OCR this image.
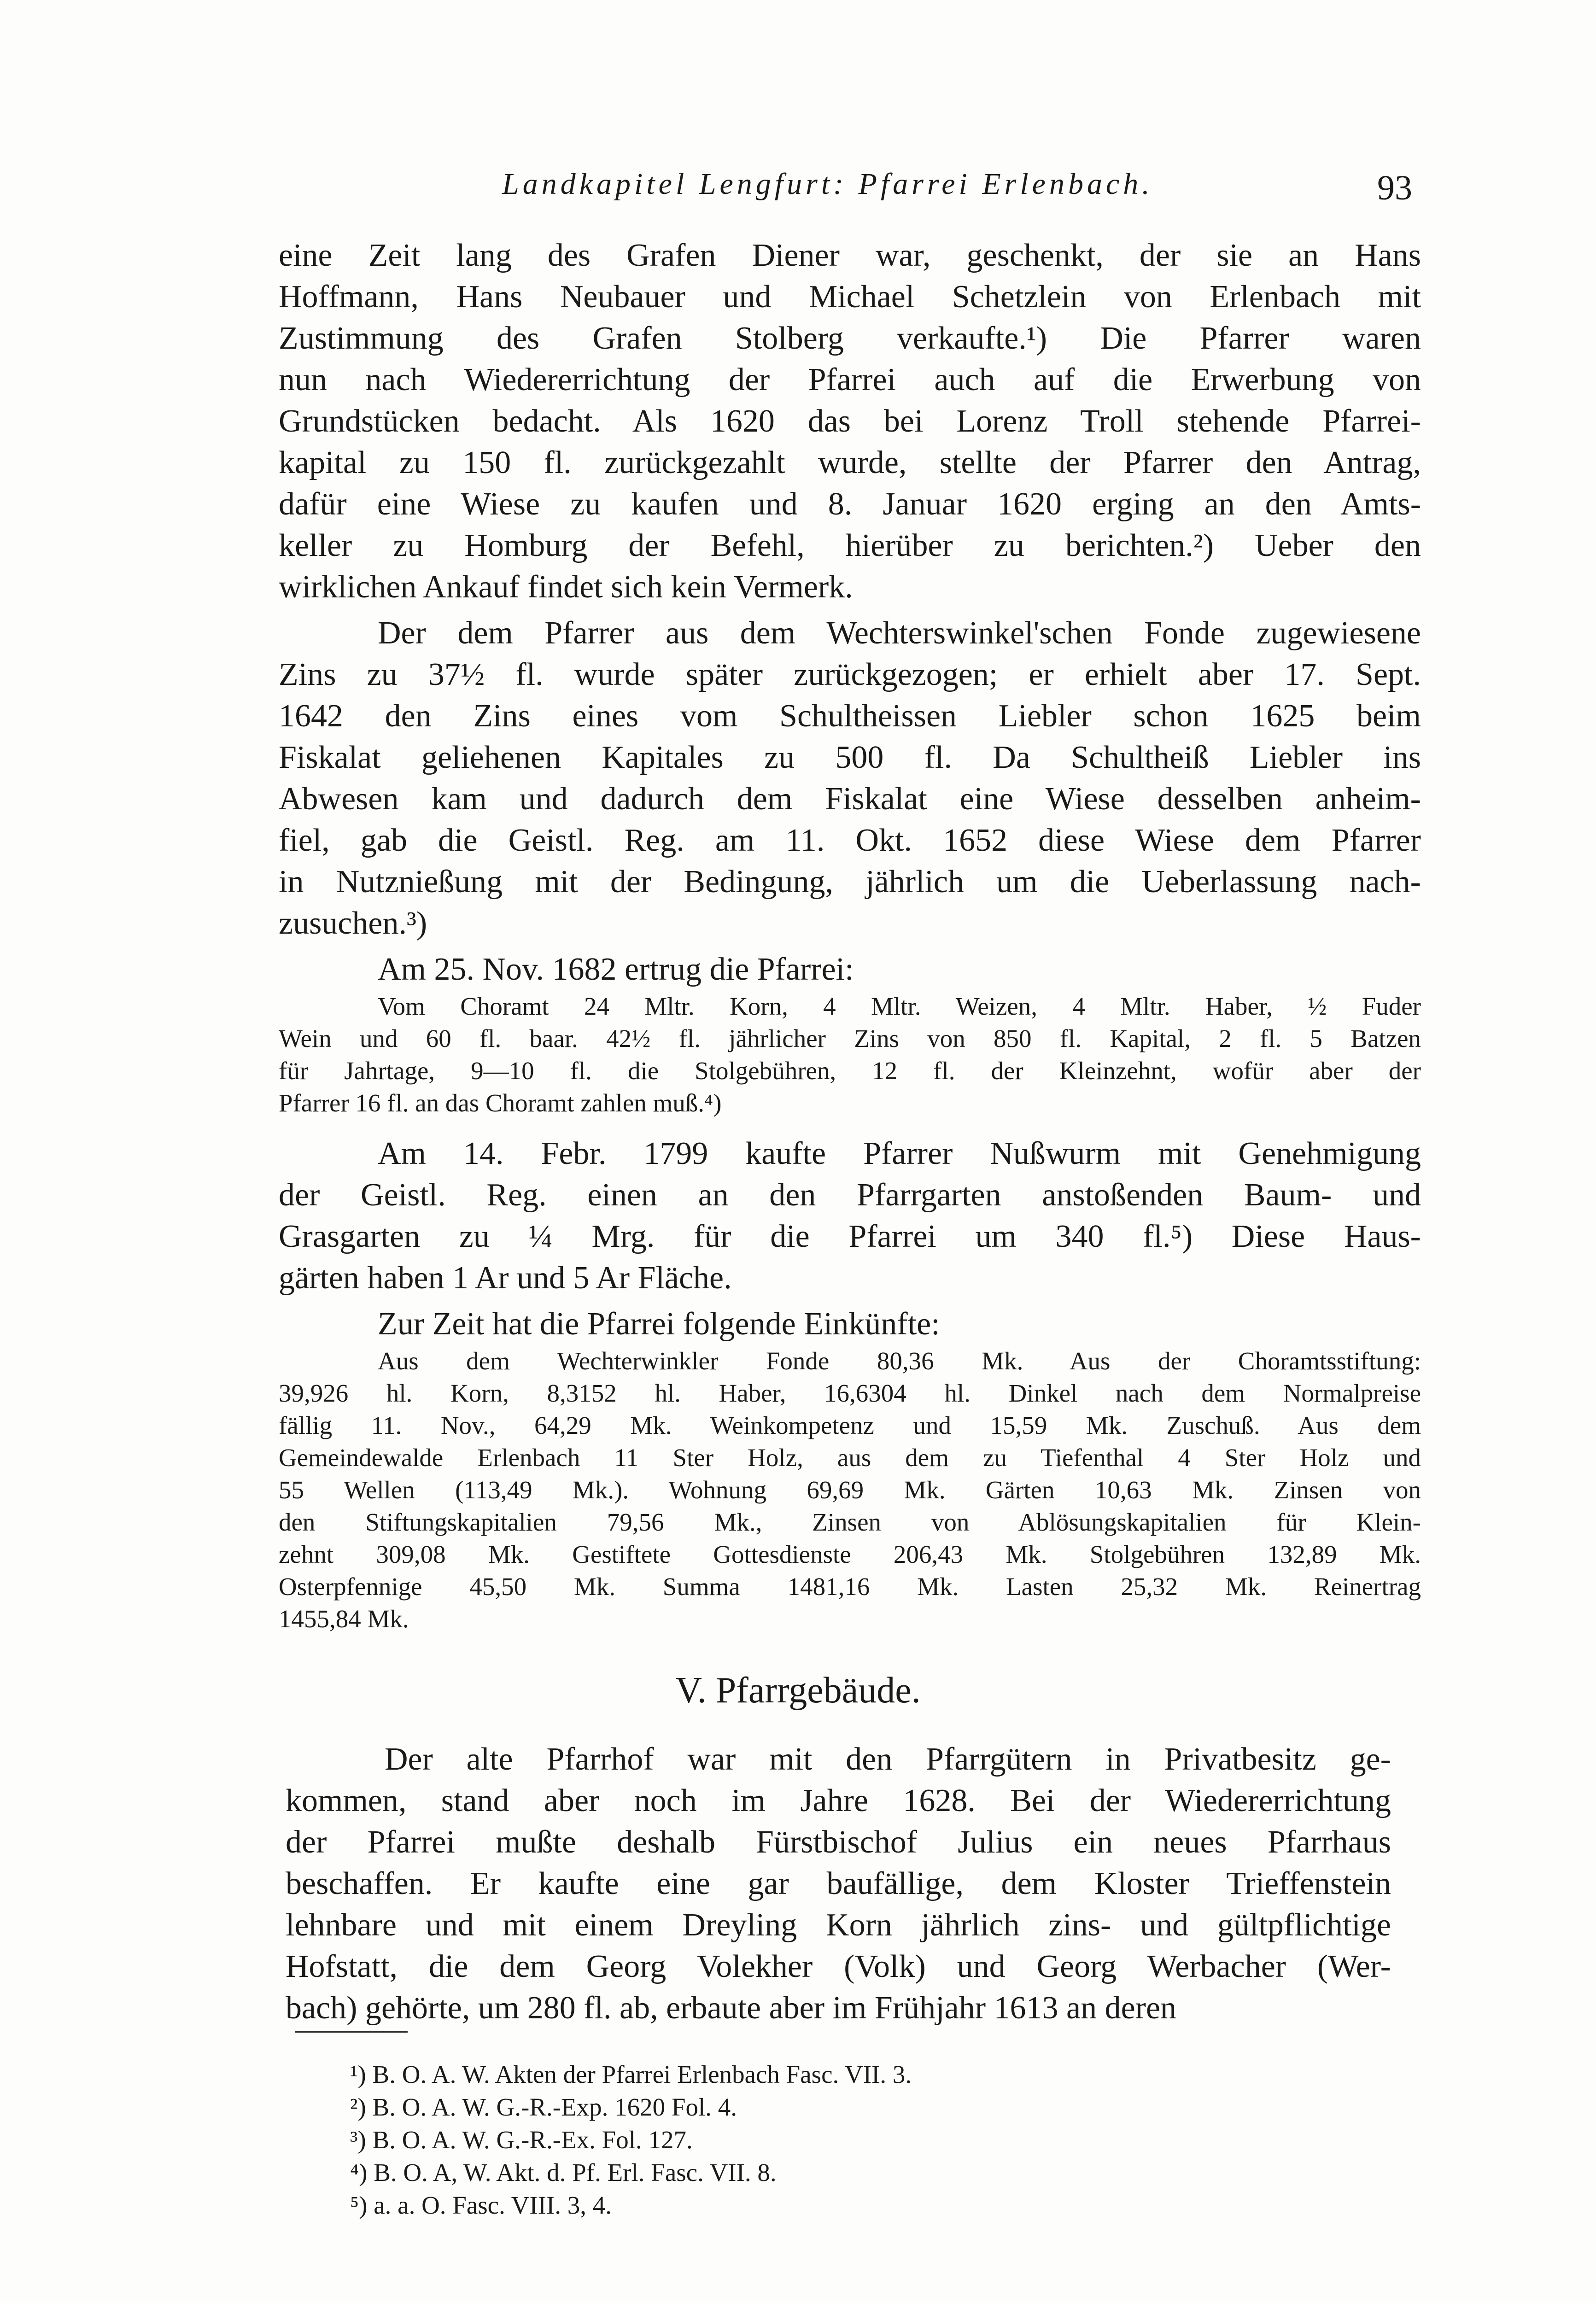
Landkapitel Lengfurt: Pfarrei Erlenbach.	93
eine Zeit lang des Grafen Diener war, geschenkt, der sie an Hans
Hoffmann, Hans Neubauer und Michael Schetzlein von Erlenbach mit
Zustimmung des Grafen Stolberg verkaufte.¹) Die Pfarrer waren
nun nach Wiedererrichtung der Pfarrei auch auf die Erwerbung von
Grundstücken bedacht. Als 1620 das bei Lorenz Troll stehende Pfarrei-
kapital zu 150 fl. zurückgezahlt wurde, stellte der Pfarrer den Antrag,
dafür eine Wiese zu kaufen und 8. Januar 1620 erging an den Amts-
keller zu Homburg der Befehl, hierüber zu berichten.²) Ueber den
wirklichen Ankauf findet sich kein Vermerk.
Der dem Pfarrer aus dem Wechterswinkel'schen Fonde zugewiesene
Zins zu 37½ fl. wurde später zurückgezogen; er erhielt aber 17. Sept.
1642 den Zins eines vom Schultheissen Liebler schon 1625 beim
Fiskalat geliehenen Kapitales zu 500 fl. Da Schultheiß Liebler ins
Abwesen kam und dadurch dem Fiskalat eine Wiese desselben anheim-
fiel, gab die Geistl. Reg. am 11. Okt. 1652 diese Wiese dem Pfarrer
in Nutznießung mit der Bedingung, jährlich um die Ueberlassung nach-
zusuchen.³)
Am 25. Nov. 1682 ertrug die Pfarrei:
Vom Choramt 24 Mltr. Korn, 4 Mltr. Weizen, 4 Mltr. Haber, ½ Fuder
Wein und 60 fl. baar. 42½ fl. jährlicher Zins von 850 fl. Kapital, 2 fl. 5 Batzen
für Jahrtage, 9—10 fl. die Stolgebühren, 12 fl. der Kleinzehnt, wofür aber der
Pfarrer 16 fl. an das Choramt zahlen muß.⁴)
Am 14. Febr. 1799 kaufte Pfarrer Nußwurm mit Genehmigung
der Geistl. Reg. einen an den Pfarrgarten anstoßenden Baum- und
Grasgarten zu ¼ Mrg. für die Pfarrei um 340 fl.⁵) Diese Haus-
gärten haben 1 Ar und 5 Ar Fläche.
Zur Zeit hat die Pfarrei folgende Einkünfte:
Aus dem Wechterwinkler Fonde 80,36 Mk. Aus der Choramtsstiftung:
39,926 hl. Korn, 8,3152 hl. Haber, 16,6304 hl. Dinkel nach dem Normalpreise
fällig 11. Nov., 64,29 Mk. Weinkompetenz und 15,59 Mk. Zuschuß. Aus dem
Gemeindewalde Erlenbach 11 Ster Holz, aus dem zu Tiefenthal 4 Ster Holz und
55 Wellen (113,49 Mk.). Wohnung 69,69 Mk. Gärten 10,63 Mk. Zinsen von
den Stiftungskapitalien 79,56 Mk., Zinsen von Ablösungskapitalien für Klein-
zehnt 309,08 Mk. Gestiftete Gottesdienste 206,43 Mk. Stolgebühren 132,89 Mk.
Osterpfennige 45,50 Mk. Summa 1481,16 Mk. Lasten 25,32 Mk. Reinertrag
1455,84 Mk.
V. Pfarrgebäude.
Der alte Pfarrhof war mit den Pfarrgütern in Privatbesitz ge-
kommen, stand aber noch im Jahre 1628. Bei der Wiedererrichtung
der Pfarrei mußte deshalb Fürstbischof Julius ein neues Pfarrhaus
beschaffen. Er kaufte eine gar baufällige, dem Kloster Trieffenstein
lehnbare und mit einem Dreyling Korn jährlich zins- und gültpflichtige
Hofstatt, die dem Georg Volekher (Volk) und Georg Werbacher (Wer-
bach) gehörte, um 280 fl. ab, erbaute aber im Frühjahr 1613 an deren
¹) B. O. A. W. Akten der Pfarrei Erlenbach Fasc. VII. 3.
²) B. O. A. W. G.-R.-Exp. 1620 Fol. 4.
³) B. O. A. W. G.-R.-Ex. Fol. 127.
⁴) B. O. A, W. Akt. d. Pf. Erl. Fasc. VII. 8.
⁵) a. a. O. Fasc. VIII. 3, 4.
